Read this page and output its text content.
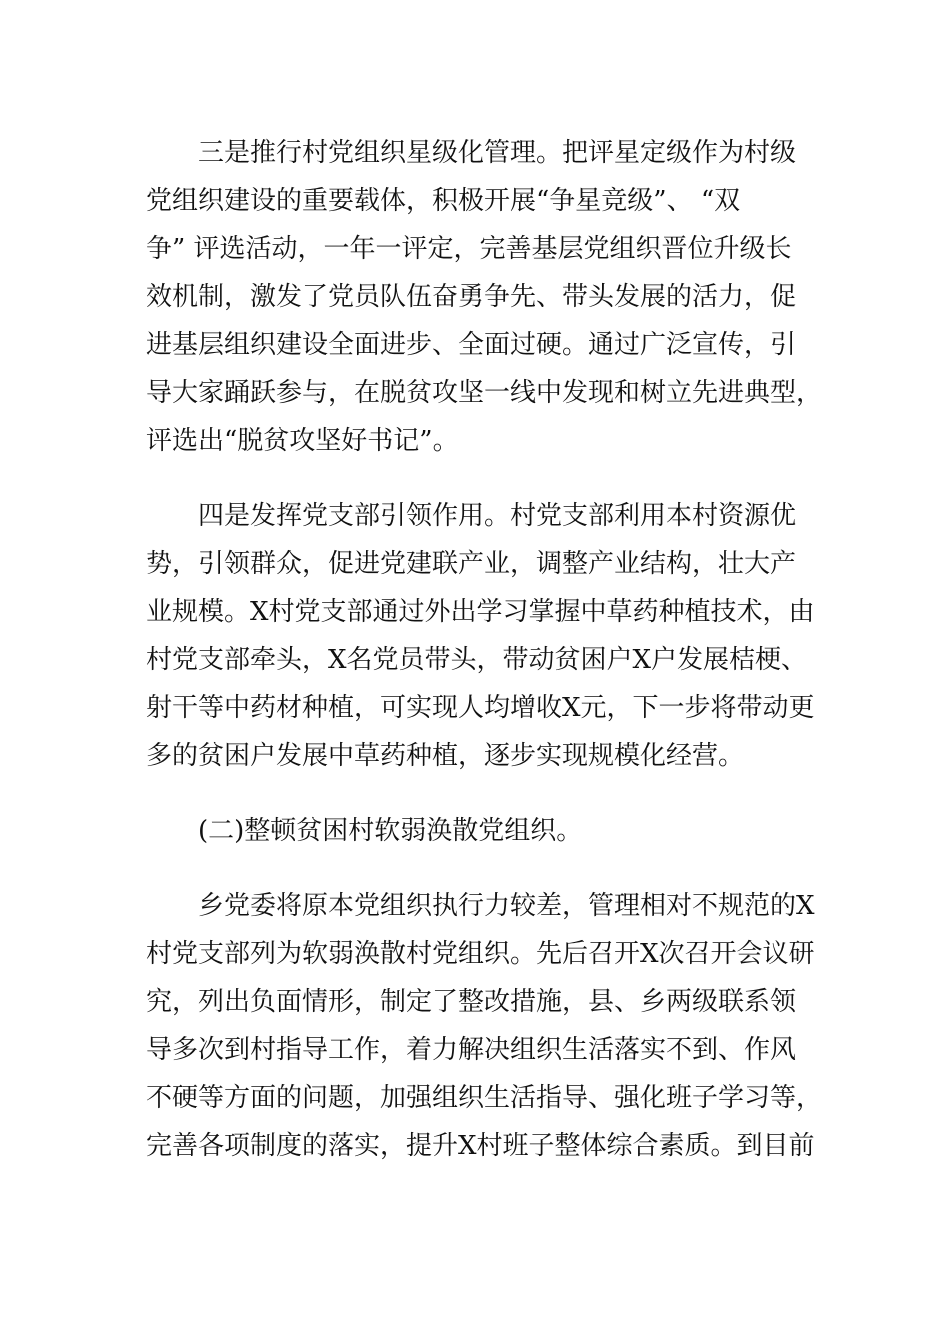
三是推行村党组织星级化管理。把评星定级作为村级
党组织建设的重要载体，积极开展“争星竞级”、 “双
争” 评选活动，一年一评定，完善基层党组织晋位升级长
效机制，激发了党员队伍奋勇争先、带头发展的活力，促
进基层组织建设全面进步、全面过硬。通过广泛宣传，引
导大家踊跃参与，在脱贫攻坚一线中发现和树立先进典型，
评选出“脱贫攻坚好书记”。
四是发挥党支部引领作用。村党支部利用本村资源优
势，引领群众，促进党建联产业，调整产业结构，壮大产
业规模。X村党支部通过外出学习掌握中草药种植技术，由
村党支部牵头，X名党员带头，带动贫困户X户发展桔梗、
射干等中药材种植，可实现人均增收X元，下一步将带动更
多的贫困户发展中草药种植，逐步实现规模化经营。
(二)整顿贫困村软弱涣散党组织。
乡党委将原本党组织执行力较差，管理相对不规范的X
村党支部列为软弱涣散村党组织。先后召开X次召开会议研
究，列出负面情形，制定了整改措施，县、乡两级联系领
导多次到村指导工作，着力解决组织生活落实不到、作风
不硬等方面的问题，加强组织生活指导、强化班子学习等，
完善各项制度的落实，提升X村班子整体综合素质。到目前
